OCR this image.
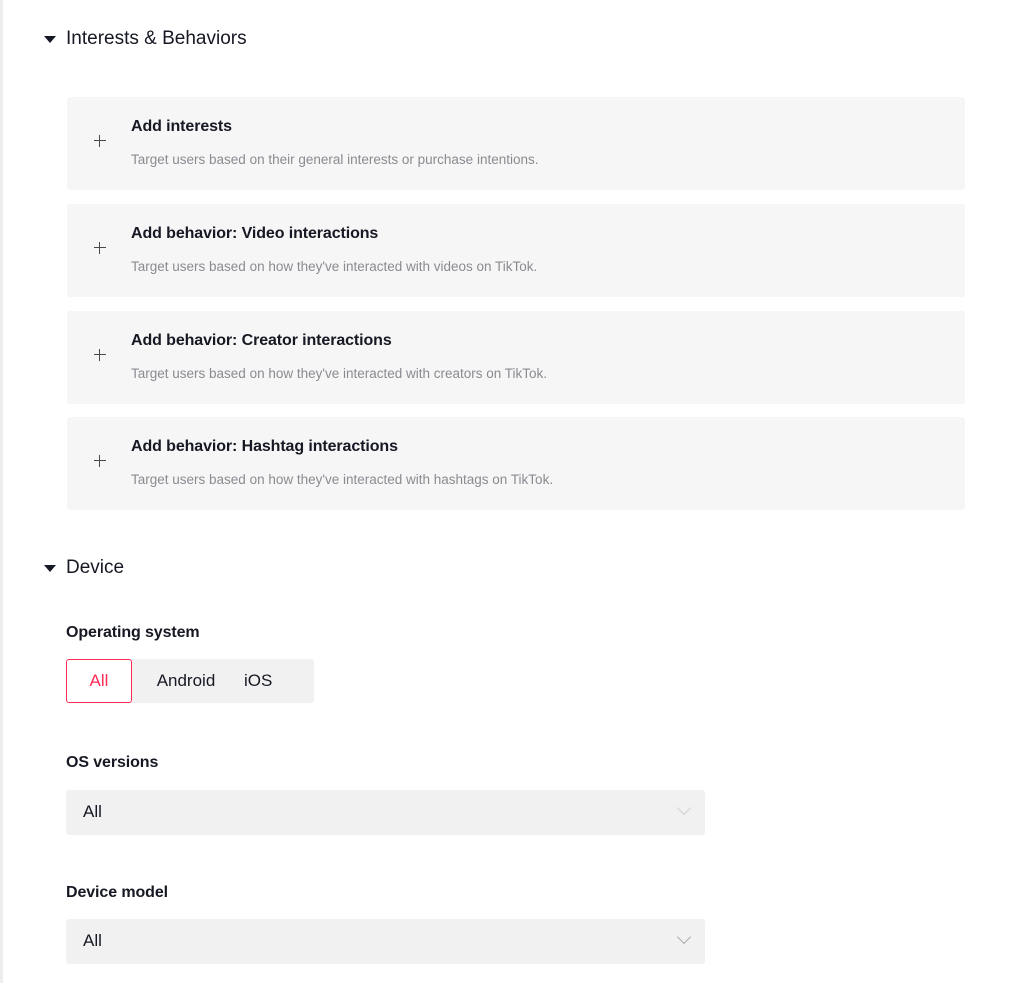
Interests & Behaviors
Add interests
Target users based on their general interests or purchase intentions.
Add behavior: Video interactions
Target users based on how they've interacted with videos on TikTok.
Add behavior: Creator interactions
Target users based on how they've interacted with creators on TikTok.
Add behavior: Hashtag interactions
Target users based on how they've interacted with hashtags on TikTok.
Device
Operating system
All	Android	iOS
OS versions
All
Device model
All
